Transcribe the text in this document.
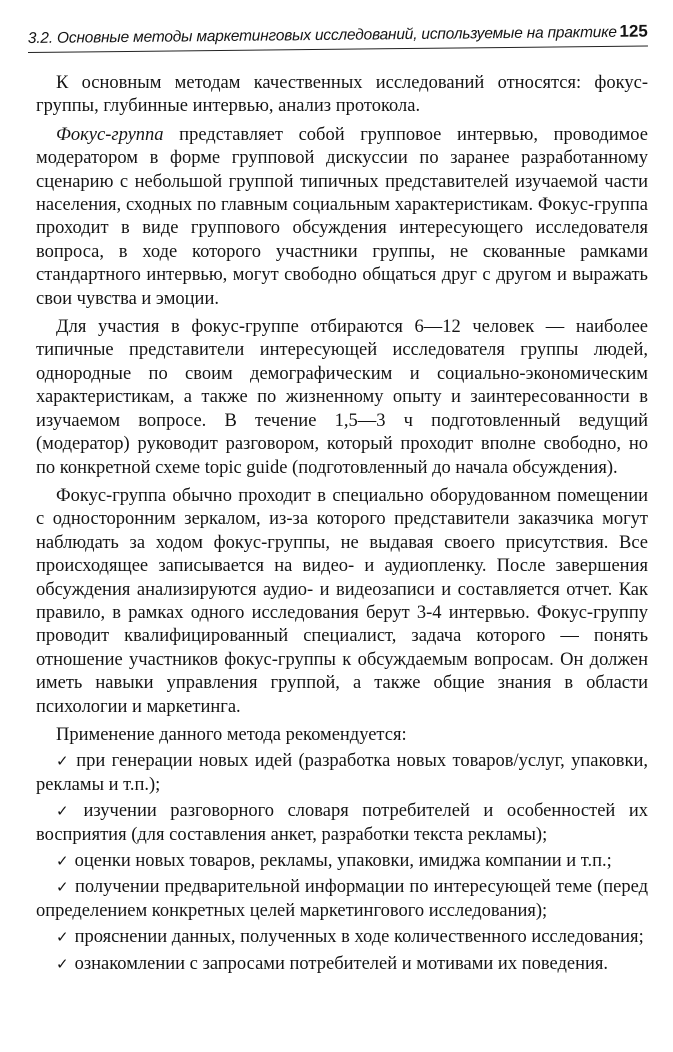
3.2. Основные методы маркетинговых исследований, используемые на практике 125

К основным методам качественных исследований относятся: фокус-группы, глубинные интервью, анализ протокола.

Фокус-группа представляет собой групповое интервью, проводимое модератором в форме групповой дискуссии по заранее разработанному сценарию с небольшой группой типичных представителей изучаемой части населения, сходных по главным социальным характеристикам. Фокус-группа проходит в виде группового обсуждения интересующего исследователя вопроса, в ходе которого участники группы, не скованные рамками стандартного интервью, могут свободно общаться друг с другом и выражать свои чувства и эмоции.

Для участия в фокус-группе отбираются 6—12 человек — наиболее типичные представители интересующей исследователя группы людей, однородные по своим демографическим и социально-экономическим характеристикам, а также по жизненному опыту и заинтересованности в изучаемом вопросе. В течение 1,5—3 ч подготовленный ведущий (модератор) руководит разговором, который проходит вполне свободно, но по конкретной схеме topic guide (подготовленный до начала обсуждения).

Фокус-группа обычно проходит в специально оборудованном помещении с односторонним зеркалом, из-за которого представители заказчика могут наблюдать за ходом фокус-группы, не выдавая своего присутствия. Все происходящее записывается на видео- и аудиопленку. После завершения обсуждения анализируются аудио- и видеозаписи и составляется отчет. Как правило, в рамках одного исследования берут 3-4 интервью. Фокус-группу проводит квалифицированный специалист, задача которого — понять отношение участников фокус-группы к обсуждаемым вопросам. Он должен иметь навыки управления группой, а также общие знания в области психологии и маркетинга.

Применение данного метода рекомендуется:

✓ при генерации новых идей (разработка новых товаров/услуг, упаковки, рекламы и т.п.);
✓ изучении разговорного словаря потребителей и особенностей их восприятия (для составления анкет, разработки текста рекламы);
✓ оценки новых товаров, рекламы, упаковки, имиджа компании и т.п.;
✓ получении предварительной информации по интересующей теме (перед определением конкретных целей маркетингового исследования);
✓ прояснении данных, полученных в ходе количественного исследования;
✓ ознакомлении с запросами потребителей и мотивами их поведения.
